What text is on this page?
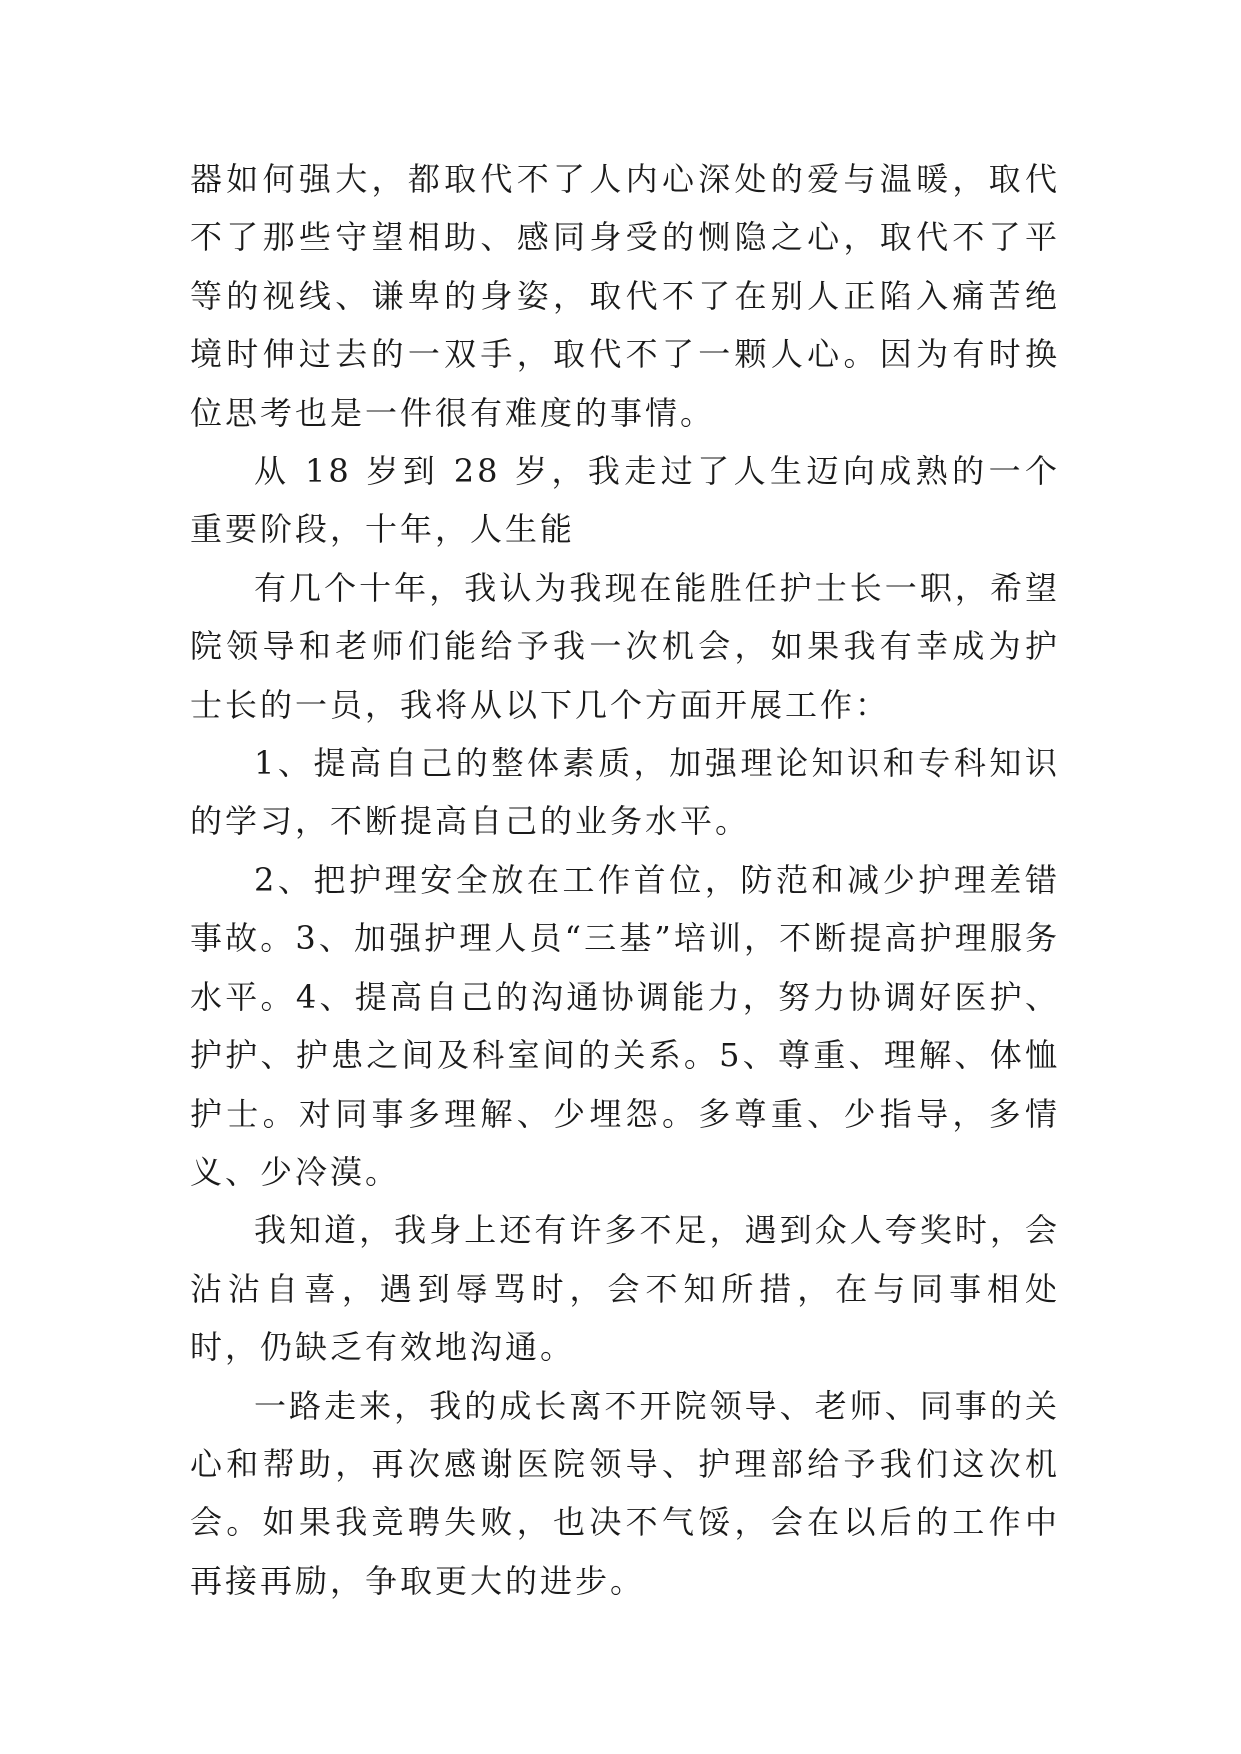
器如何强大，都取代不了人内心深处的爱与温暖，取代不了那些守望相助、感同身受的恻隐之心，取代不了平等的视线、谦卑的身姿，取代不了在别人正陷入痛苦绝境时伸过去的一双手，取代不了一颗人心。因为有时换位思考也是一件很有难度的事情。

从 18 岁到 28 岁，我走过了人生迈向成熟的一个重要阶段，十年，人生能

有几个十年，我认为我现在能胜任护士长一职，希望院领导和老师们能给予我一次机会，如果我有幸成为护士长的一员，我将从以下几个方面开展工作：

1、提高自己的整体素质，加强理论知识和专科知识的学习，不断提高自己的业务水平。

2、把护理安全放在工作首位，防范和减少护理差错事故。3、加强护理人员“三基”培训，不断提高护理服务水平。4、提高自己的沟通协调能力，努力协调好医护、护护、护患之间及科室间的关系。5、尊重、理解、体恤护士。对同事多理解、少埋怨。多尊重、少指导，多情义、少冷漠。

我知道，我身上还有许多不足，遇到众人夸奖时，会沾沾自喜，遇到辱骂时，会不知所措，在与同事相处时，仍缺乏有效地沟通。

一路走来，我的成长离不开院领导、老师、同事的关心和帮助，再次感谢医院领导、护理部给予我们这次机会。如果我竞聘失败，也决不气馁，会在以后的工作中再接再励，争取更大的进步。
